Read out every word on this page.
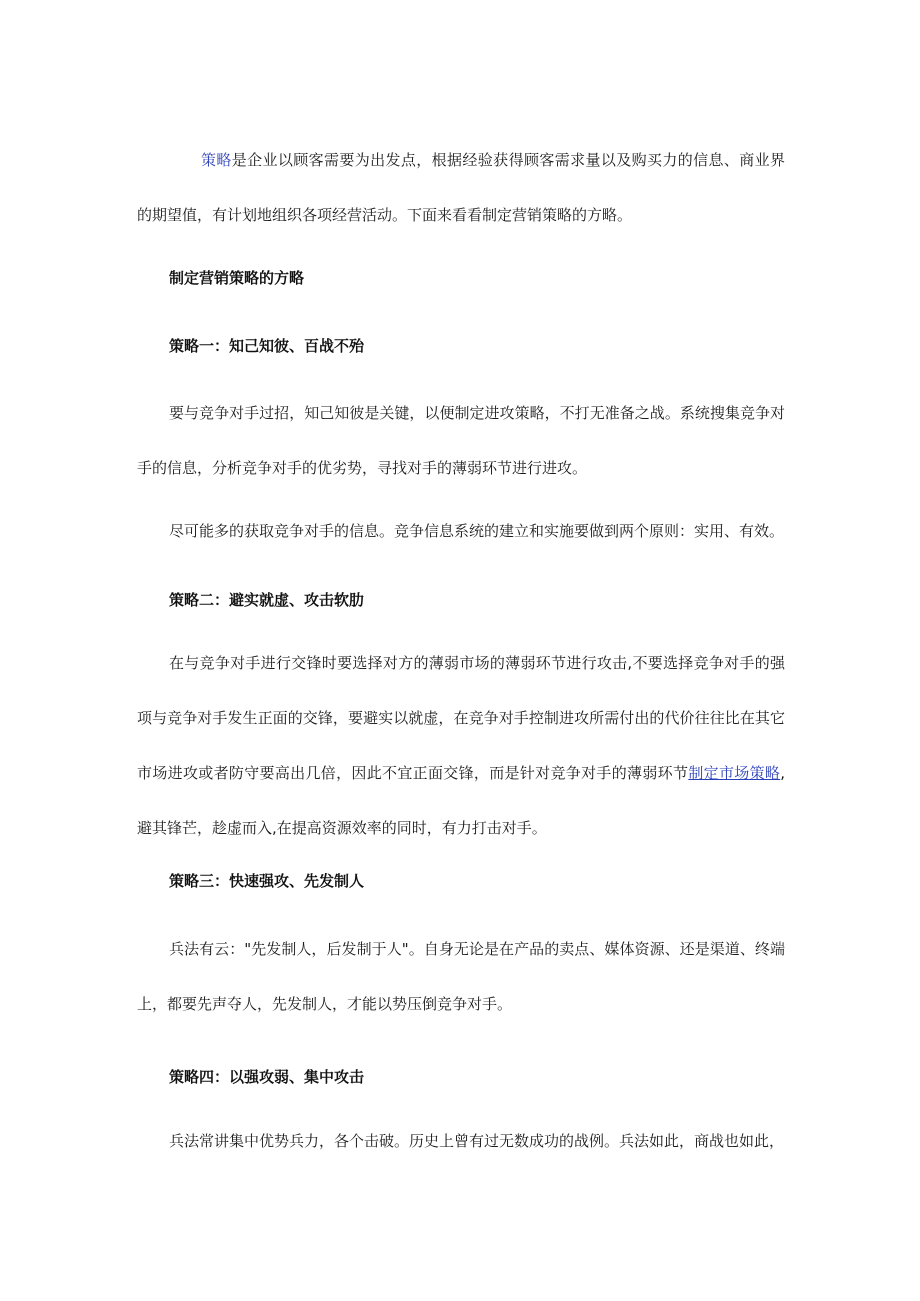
策略是企业以顾客需要为出发点，根据经验获得顾客需求量以及购买力的信息、商业界的期望值，有计划地组织各项经营活动。下面来看看制定营销策略的方略。

制定营销策略的方略

策略一：知己知彼、百战不殆

要与竞争对手过招，知己知彼是关键，以便制定进攻策略，不打无准备之战。系统搜集竞争对手的信息，分析竞争对手的优劣势，寻找对手的薄弱环节进行进攻。

尽可能多的获取竞争对手的信息。竞争信息系统的建立和实施要做到两个原则：实用、有效。

策略二：避实就虚、攻击软肋

在与竞争对手进行交锋时要选择对方的薄弱市场的薄弱环节进行攻击,不要选择竞争对手的强项与竞争对手发生正面的交锋，要避实以就虚，在竞争对手控制进攻所需付出的代价往往比在其它市场进攻或者防守要高出几倍，因此不宜正面交锋，而是针对竞争对手的薄弱环节制定市场策略,避其锋芒，趁虚而入,在提高资源效率的同时，有力打击对手。

策略三：快速强攻、先发制人

兵法有云："先发制人，后发制于人"。自身无论是在产品的卖点、媒体资源、还是渠道、终端上，都要先声夺人，先发制人，才能以势压倒竞争对手。

策略四：以强攻弱、集中攻击

兵法常讲集中优势兵力，各个击破。历史上曾有过无数成功的战例。兵法如此，商战也如此，
